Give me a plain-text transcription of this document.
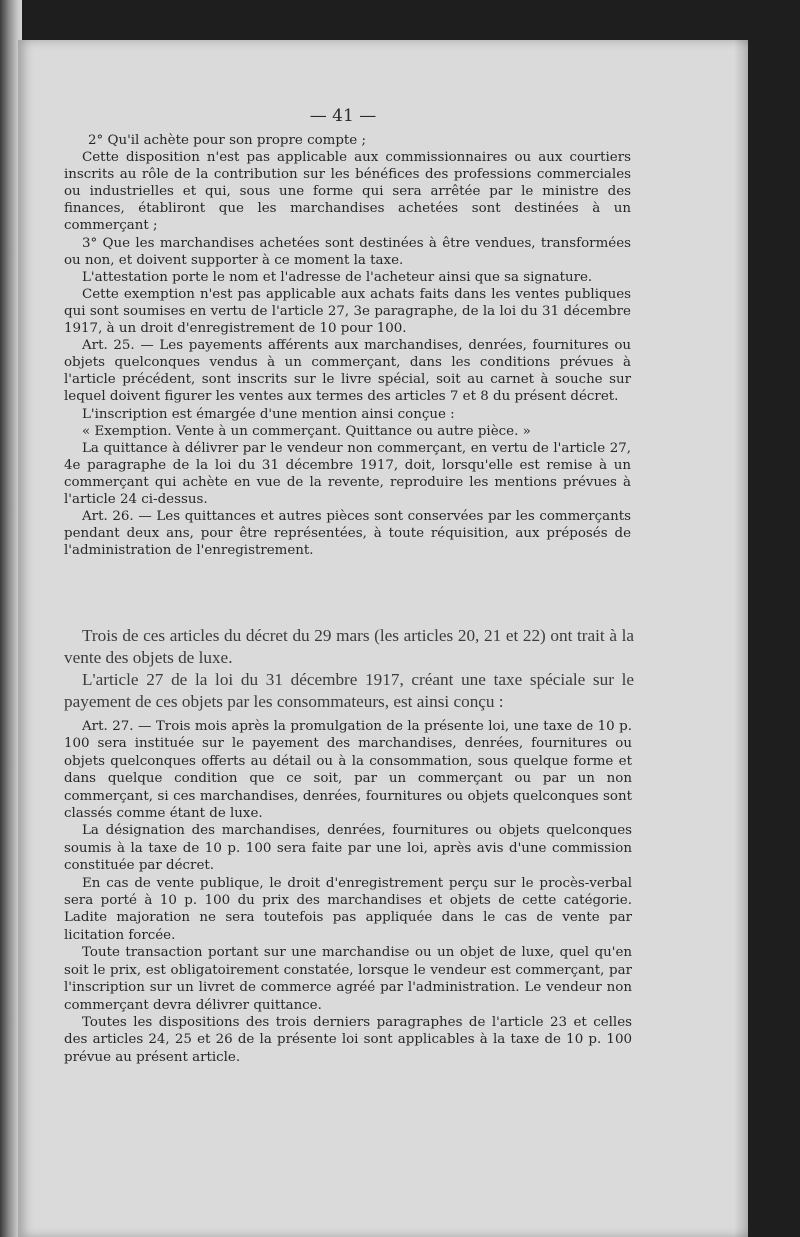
— 41 —

2° Qu'il achète pour son propre compte ;

Cette disposition n'est pas applicable aux commissionnaires ou aux courtiers inscrits au rôle de la contribution sur les bénéfices des professions commerciales ou industrielles et qui, sous une forme qui sera arrêtée par le ministre des finances, établiront que les marchandises achetées sont destinées à un commerçant ;

3° Que les marchandises achetées sont destinées à être vendues, transformées ou non, et doivent supporter à ce moment la taxe.

L'attestation porte le nom et l'adresse de l'acheteur ainsi que sa signature.

Cette exemption n'est pas applicable aux achats faits dans les ventes publiques qui sont soumises en vertu de l'article 27, 3e paragraphe, de la loi du 31 décembre 1917, à un droit d'enregistrement de 10 pour 100.

Art. 25. — Les payements afférents aux marchandises, denrées, fournitures ou objets quelconques vendus à un commerçant, dans les conditions prévues à l'article précédent, sont inscrits sur le livre spécial, soit au carnet à souche sur lequel doivent figurer les ventes aux termes des articles 7 et 8 du présent décret.

L'inscription est émargée d'une mention ainsi conçue :

« Exemption. Vente à un commerçant. Quittance ou autre pièce. »

La quittance à délivrer par le vendeur non commerçant, en vertu de l'article 27, 4e paragraphe de la loi du 31 décembre 1917, doit, lorsqu'elle est remise à un commerçant qui achète en vue de la revente, reproduire les mentions prévues à l'article 24 ci-dessus.

Art. 26. — Les quittances et autres pièces sont conservées par les commerçants pendant deux ans, pour être représentées, à toute réquisition, aux préposés de l'administration de l'enregistrement.

Trois de ces articles du décret du 29 mars (les articles 20, 21 et 22) ont trait à la vente des objets de luxe.

L'article 27 de la loi du 31 décembre 1917, créant une taxe spéciale sur le payement de ces objets par les consommateurs, est ainsi conçu :

Art. 27. — Trois mois après la promulgation de la présente loi, une taxe de 10 p. 100 sera instituée sur le payement des marchandises, denrées, fournitures ou objets quelconques offerts au détail ou à la consommation, sous quelque forme et dans quelque condition que ce soit, par un commerçant ou par un non commerçant, si ces marchandises, denrées, fournitures ou objets quelconques sont classés comme étant de luxe.

La désignation des marchandises, denrées, fournitures ou objets quelconques soumis à la taxe de 10 p. 100 sera faite par une loi, après avis d'une commission constituée par décret.

En cas de vente publique, le droit d'enregistrement perçu sur le procès-verbal sera porté à 10 p. 100 du prix des marchandises et objets de cette catégorie. Ladite majoration ne sera toutefois pas appliquée dans le cas de vente par licitation forcée.

Toute transaction portant sur une marchandise ou un objet de luxe, quel qu'en soit le prix, est obligatoirement constatée, lorsque le vendeur est commerçant, par l'inscription sur un livret de commerce agréé par l'administration. Le vendeur non commerçant devra délivrer quittance.

Toutes les dispositions des trois derniers paragraphes de l'article 23 et celles des articles 24, 25 et 26 de la présente loi sont applicables à la taxe de 10 p. 100 prévue au présent article.
